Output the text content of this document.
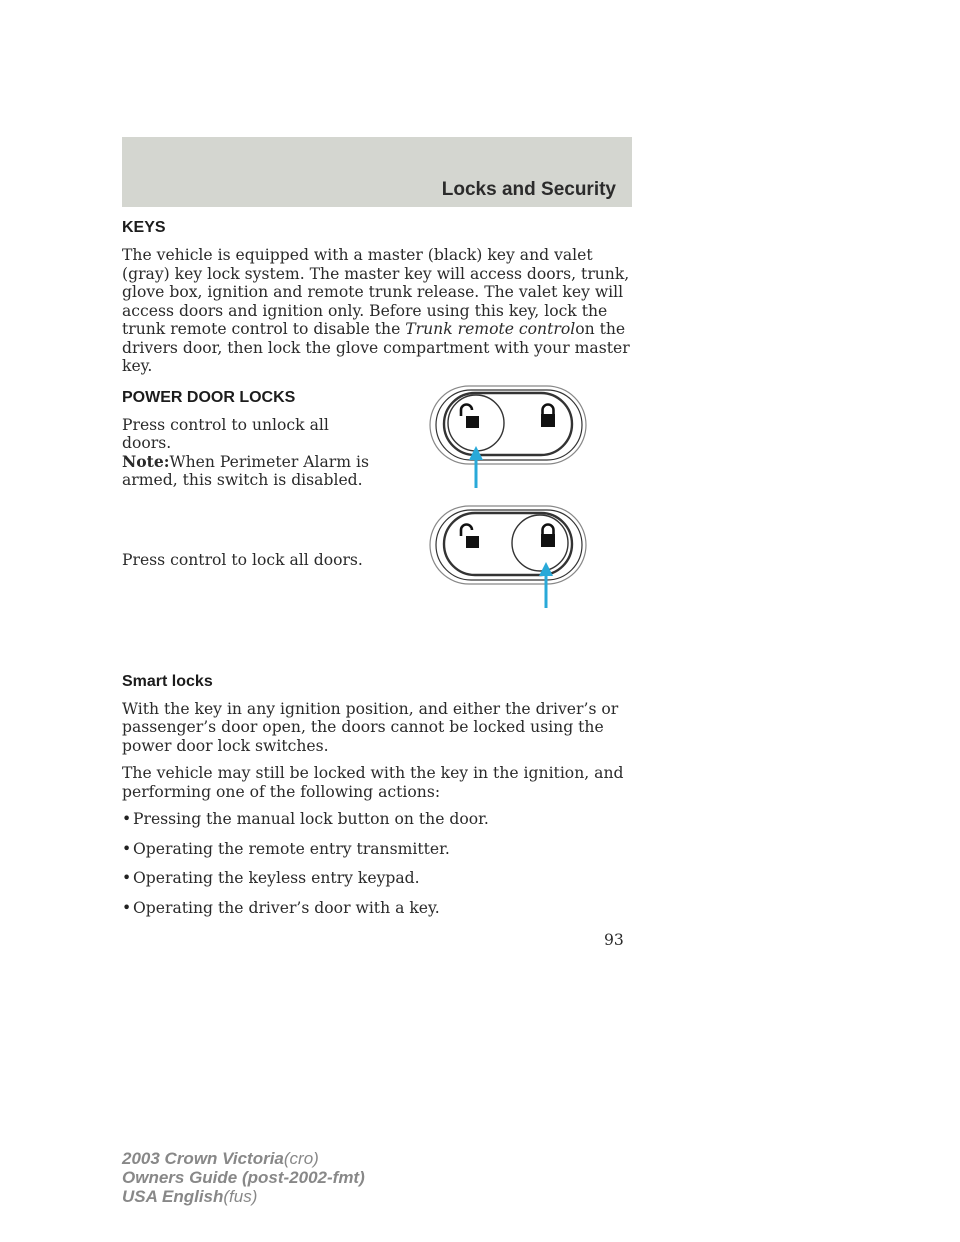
Locks and Security
KEYS

The vehicle is equipped with a master (black) key and valet (gray) key lock system. The master key will access doors, trunk, glove box, ignition and remote trunk release. The valet key will access doors and ignition only. Before using this key, lock the trunk remote control to disable the Trunk remote controlon the drivers door, then lock the glove compartment with your master key.

POWER DOOR LOCKS

Press control to unlock all doors.
Note:When Perimeter Alarm is armed, this switch is disabled.

Press control to lock all doors.

Smart locks

With the key in any ignition position, and either the driver’s or passenger’s door open, the doors cannot be locked using the power door lock switches.

The vehicle may still be locked with the key in the ignition, and performing one of the following actions:

• Pressing the manual lock button on the door.

• Operating the remote entry transmitter.

• Operating the keyless entry keypad.

• Operating the driver’s door with a key.

93
2003 Crown Victoria(cro)
Owners Guide (post-2002-fmt)
USA English(fus)
